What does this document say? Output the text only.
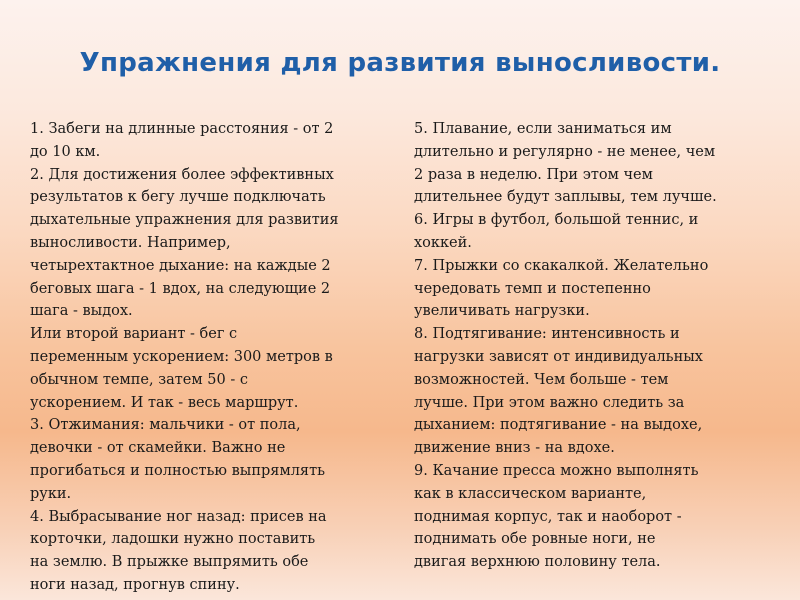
Упражнения для развития выносливости.
1. Забеги на длинные расстояния - от 2
до 10 км.
2. Для достижения более эффективных
результатов к бегу лучше подключать
дыхательные упражнения для развития
выносливости. Например,
четырехтактное дыхание: на каждые 2
беговых шага - 1 вдох, на следующие 2
шага - выдох.
Или второй вариант - бег с
переменным ускорением: 300 метров в
обычном темпе, затем 50 - с
ускорением. И так - весь маршрут.
3. Отжимания: мальчики - от пола,
девочки - от скамейки. Важно не
прогибаться и полностью выпрямлять
руки.
4. Выбрасывание ног назад: присев на
корточки, ладошки нужно поставить
на землю. В прыжке выпрямить обе
ноги назад, прогнув спину.
5. Плавание, если заниматься им
длительно и регулярно - не менее, чем
2 раза в неделю. При этом чем
длительнее будут заплывы, тем лучше.
6. Игры в футбол, большой теннис, и
хоккей.
7. Прыжки со скакалкой. Желательно
чередовать темп и постепенно
увеличивать нагрузки.
8. Подтягивание: интенсивность и
нагрузки зависят от индивидуальных
возможностей. Чем больше - тем
лучше. При этом важно следить за
дыханием: подтягивание - на выдохе,
движение вниз - на вдохе.
9. Качание пресса можно выполнять
как в классическом варианте,
поднимая корпус, так и наоборот -
поднимать обе ровные ноги, не
двигая верхнюю половину тела.
